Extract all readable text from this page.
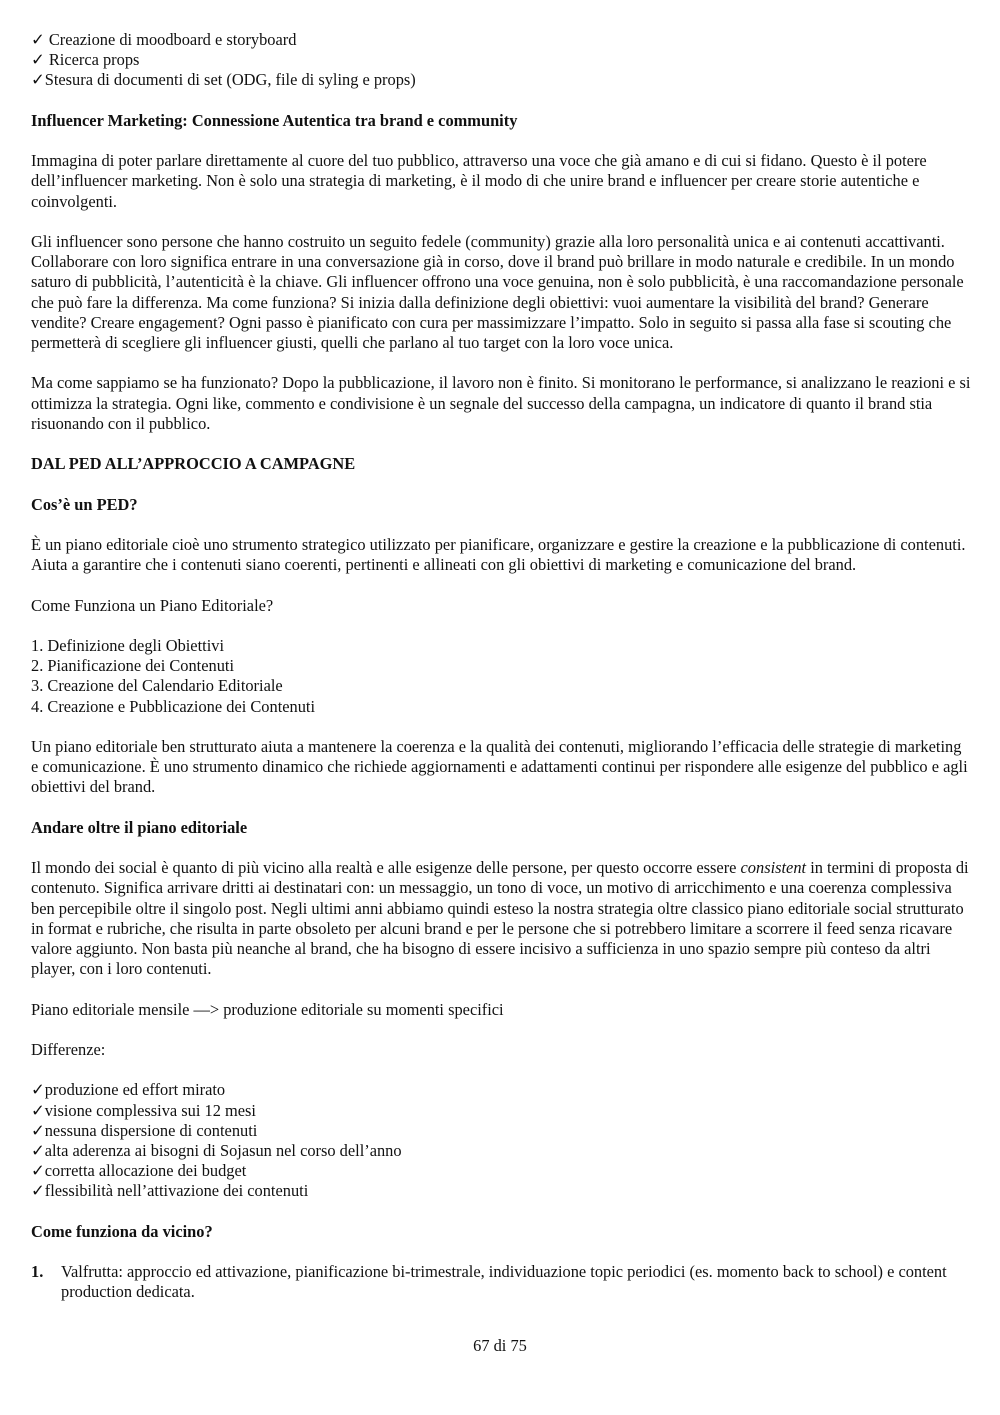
✓ Creazione di moodboard e storyboard

✓ Ricerca props

✓Stesura di documenti di set (ODG, file di syling e props)

Influencer Marketing: Connessione Autentica tra brand e community

Immagina di poter parlare direttamente al cuore del tuo pubblico, attraverso una voce che già amano e di cui si fidano. Questo è il potere dell’influencer marketing. Non è solo una strategia di marketing, è il modo di che unire brand e influencer per creare storie autentiche e coinvolgenti.

Gli influencer sono persone che hanno costruito un seguito fedele (community) grazie alla loro personalità unica e ai contenuti accattivanti. Collaborare con loro significa entrare in una conversazione già in corso, dove il brand può brillare in modo naturale e credibile. In un mondo saturo di pubblicità, l’autenticità è la chiave. Gli influencer offrono una voce genuina, non è solo pubblicità, è una raccomandazione personale che può fare la differenza. Ma come funziona? Si inizia dalla definizione degli obiettivi: vuoi aumentare la visibilità del brand? Generare vendite? Creare engagement? Ogni passo è pianificato con cura per massimizzare l’impatto. Solo in seguito si passa alla fase si scouting che permetterà di scegliere gli influencer giusti, quelli che parlano al tuo target con la loro voce unica.

Ma come sappiamo se ha funzionato? Dopo la pubblicazione, il lavoro non è finito. Si monitorano le performance, si analizzano le reazioni e si ottimizza la strategia. Ogni like, commento e condivisione è un segnale del successo della campagna, un indicatore di quanto il brand stia risuonando con il pubblico.

DAL PED ALL’APPROCCIO A CAMPAGNE

Cos’è un PED?

È un piano editoriale cioè uno strumento strategico utilizzato per pianificare, organizzare e gestire la creazione e la pubblicazione di contenuti. Aiuta a garantire che i contenuti siano coerenti, pertinenti e allineati con gli obiettivi di marketing e comunicazione del brand.

Come Funziona un Piano Editoriale?

1. Definizione degli Obiettivi

2. Pianificazione dei Contenuti

3. Creazione del Calendario Editoriale

4. Creazione e Pubblicazione dei Contenuti

Un piano editoriale ben strutturato aiuta a mantenere la coerenza e la qualità dei contenuti, migliorando l’efficacia delle strategie di marketing e comunicazione. È uno strumento dinamico che richiede aggiornamenti e adattamenti continui per rispondere alle esigenze del pubblico e agli obiettivi del brand.

Andare oltre il piano editoriale

Il mondo dei social è quanto di più vicino alla realtà e alle esigenze delle persone, per questo occorre essere consistent in termini di proposta di contenuto. Significa arrivare dritti ai destinatari con: un messaggio, un tono di voce, un motivo di arricchimento e una coerenza complessiva ben percepibile oltre il singolo post. Negli ultimi anni abbiamo quindi esteso la nostra strategia oltre classico piano editoriale social strutturato in format e rubriche, che risulta in parte obsoleto per alcuni brand e per le persone che si potrebbero limitare a scorrere il feed senza ricavare valore aggiunto. Non basta più neanche al brand, che ha bisogno di essere incisivo a sufficienza in uno spazio sempre più conteso da altri player, con i loro contenuti.

Piano editoriale mensile —> produzione editoriale su momenti specifici

Differenze:

✓produzione ed effort mirato

✓visione complessiva sui 12 mesi

✓nessuna dispersione di contenuti

✓alta aderenza ai bisogni di Sojasun nel corso dell’anno

✓corretta allocazione dei budget

✓flessibilità nell’attivazione dei contenuti

Come funziona da vicino?

1.	Valfrutta: approccio ed attivazione, pianificazione bi-trimestrale, individuazione topic periodici (es. momento back to school) e content production dedicata.
67 di 75
